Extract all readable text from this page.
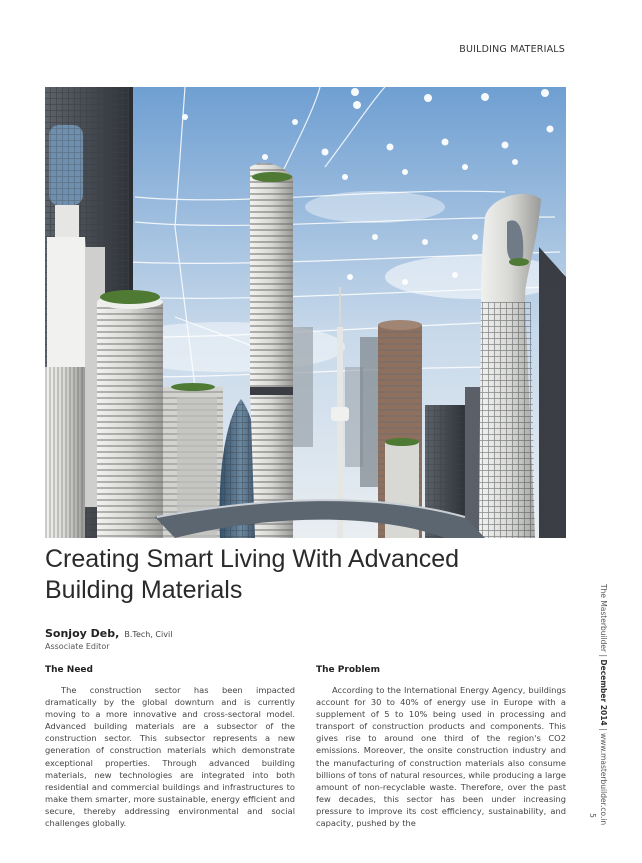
BUILDING MATERIALS
Creating Smart Living With Advanced Building Materials
Sonjoy Deb, B.Tech, Civil
Associate Editor
The Need

The construction sector has been impacted dramatically by the global downturn and is currently moving to a more innovative and cross-sectoral model. Advanced building materials are a subsector of the construction sector. This subsector represents a new generation of construction materials which demonstrate exceptional properties. Through advanced building materials, new technologies are integrated into both residential and commercial buildings and infrastructures to make them smarter, more sustainable, energy efficient and secure, thereby addressing environmental and social challenges globally.

The Problem

According to the International Energy Agency, buildings account for 30 to 40% of energy use in Europe with a supplement of 5 to 10% being used in processing and transport of construction products and components. This gives rise to around one third of the region's CO2 emissions. Moreover, the onsite construction industry and the manufacturing of construction materials also consume billions of tons of natural resources, while producing a large amount of non-recyclable waste. Therefore, over the past few decades, this sector has been under increasing pressure to improve its cost efficiency, sustainability, and capacity, pushed by the

The Masterbuilder | December 2014 | www.masterbuilder.co.in
5
